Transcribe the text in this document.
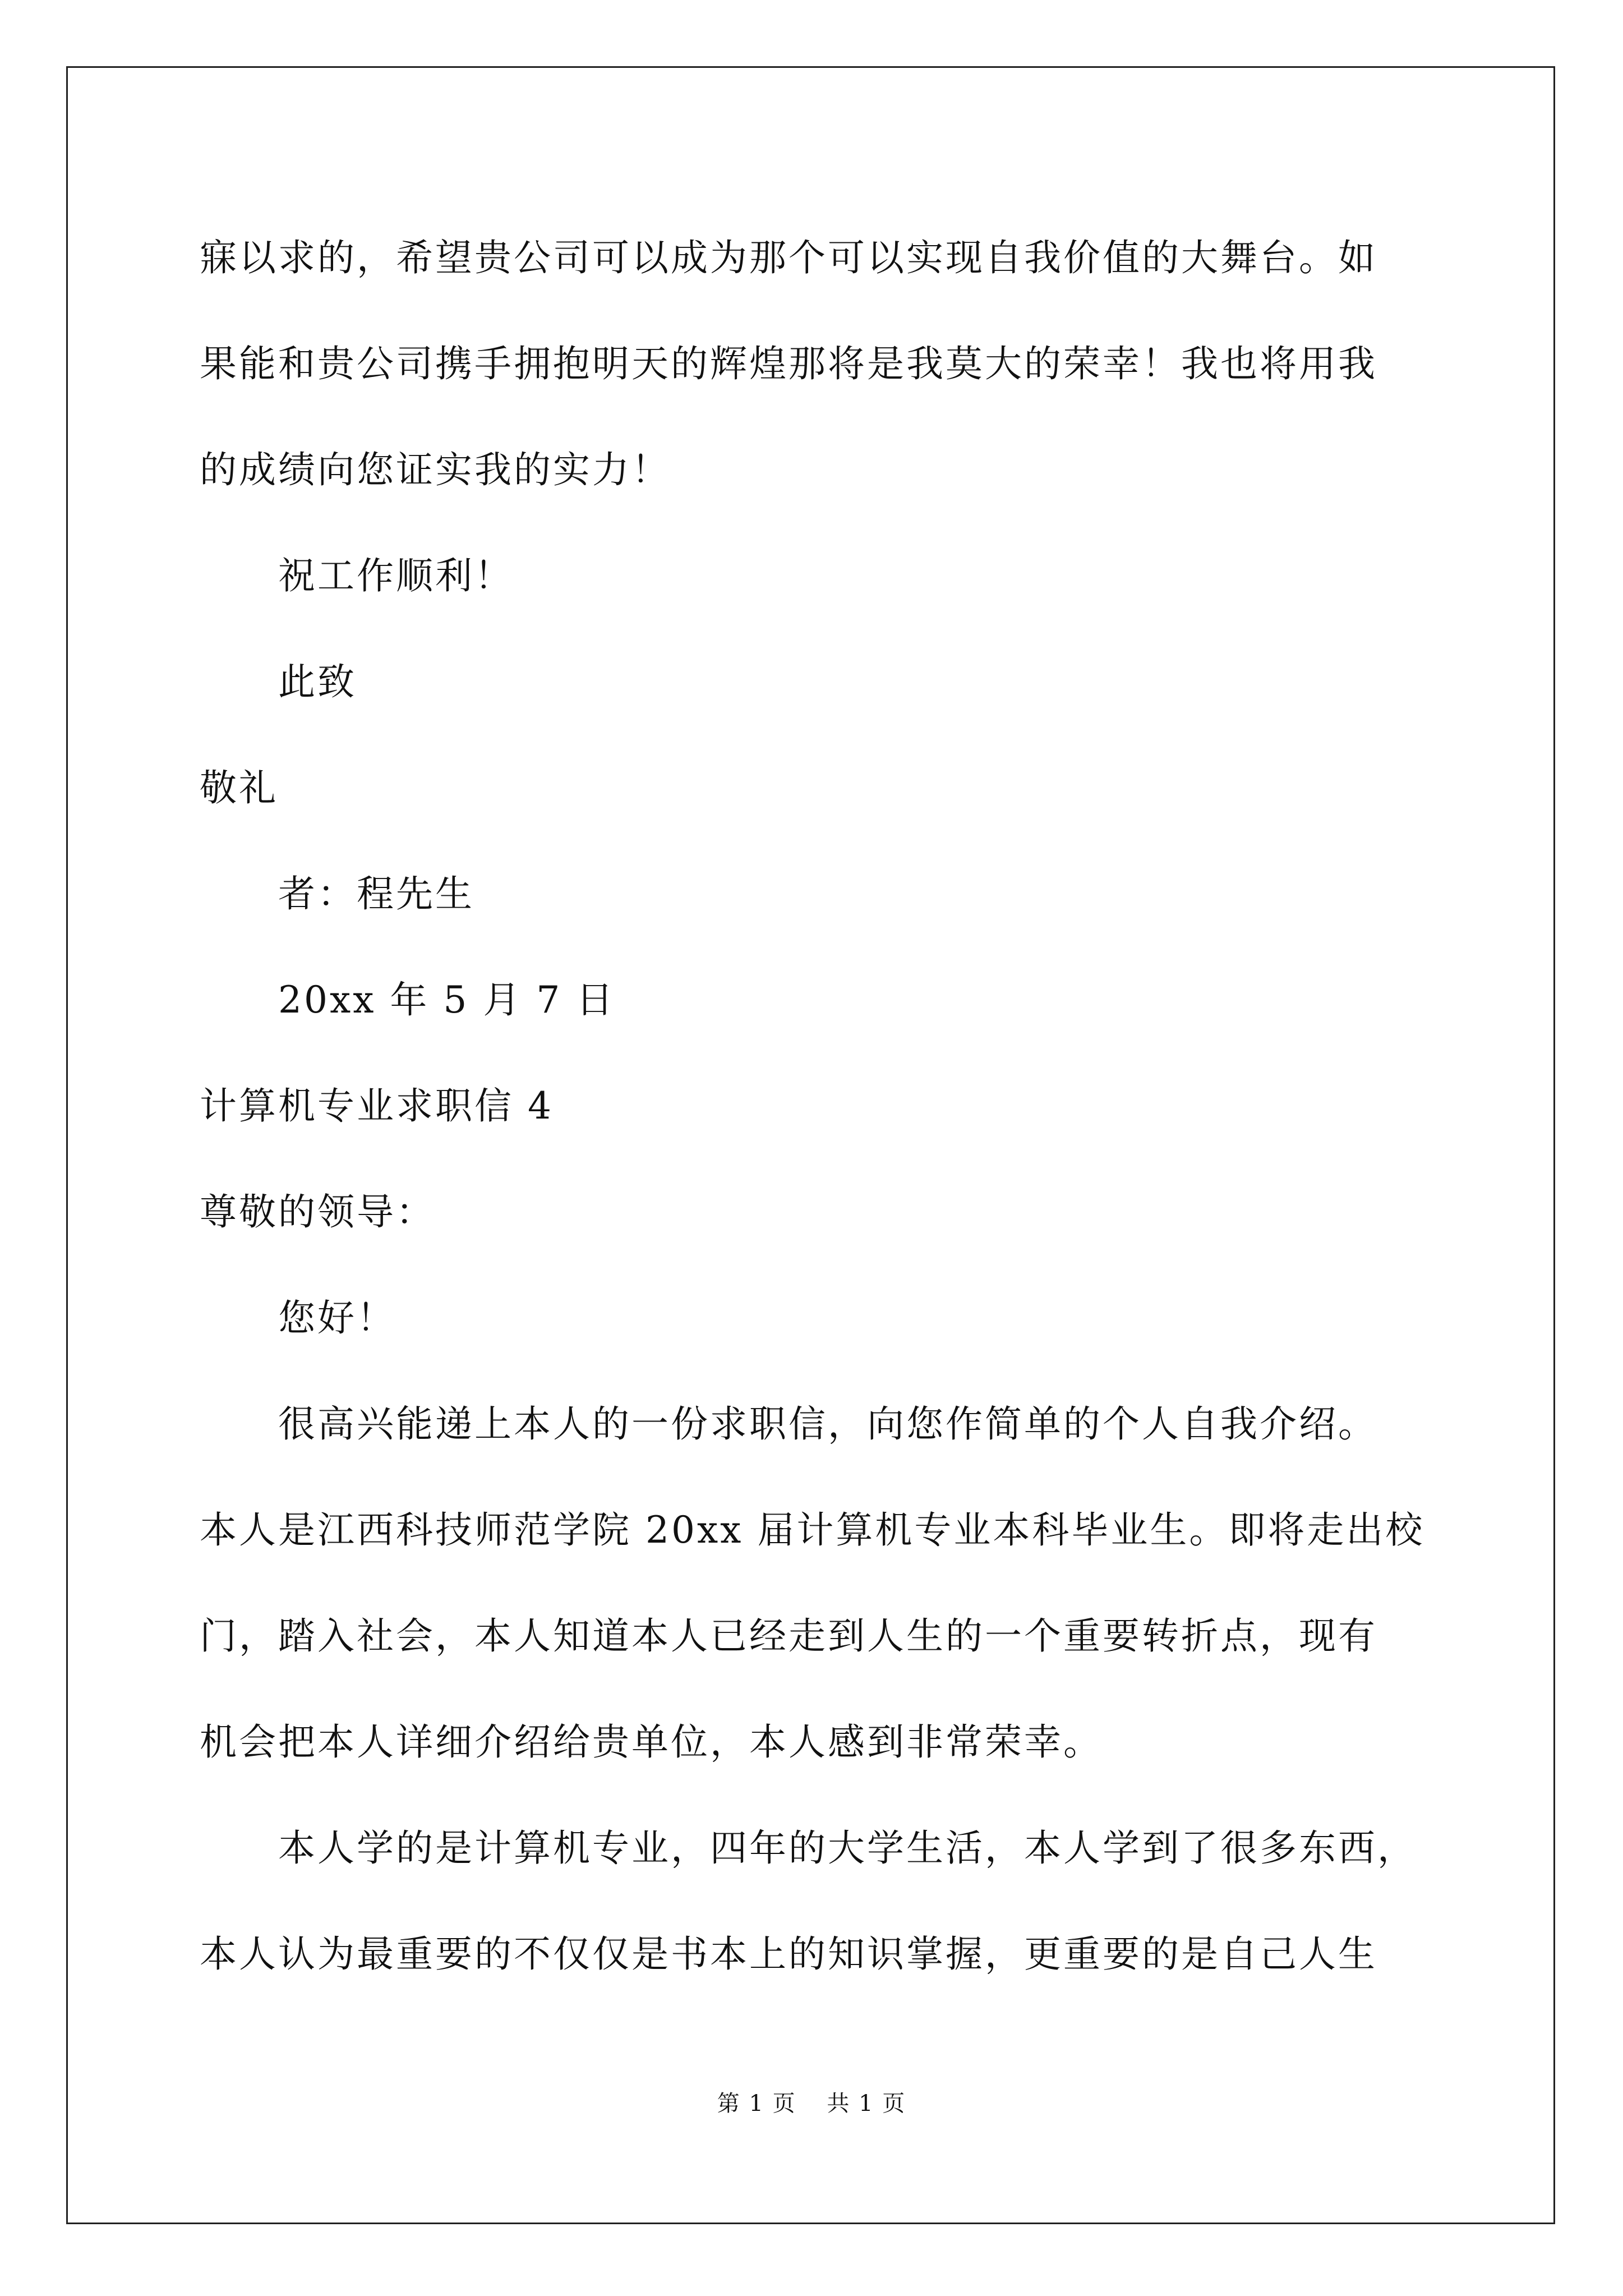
寐以求的，希望贵公司可以成为那个可以实现自我价值的大舞台。如
果能和贵公司携手拥抱明天的辉煌那将是我莫大的荣幸！我也将用我
的成绩向您证实我的实力！
祝工作顺利！
此致
敬礼
者：程先生
20xx 年 5 月 7 日
计算机专业求职信 4
尊敬的领导：
您好！
很高兴能递上本人的一份求职信，向您作简单的个人自我介绍。
本人是江西科技师范学院 20xx 届计算机专业本科毕业生。即将走出校
门，踏入社会，本人知道本人已经走到人生的一个重要转折点，现有
机会把本人详细介绍给贵单位，本人感到非常荣幸。
本人学的是计算机专业，四年的大学生活，本人学到了很多东西，
本人认为最重要的不仅仅是书本上的知识掌握，更重要的是自己人生
第 1 页 共 1 页
